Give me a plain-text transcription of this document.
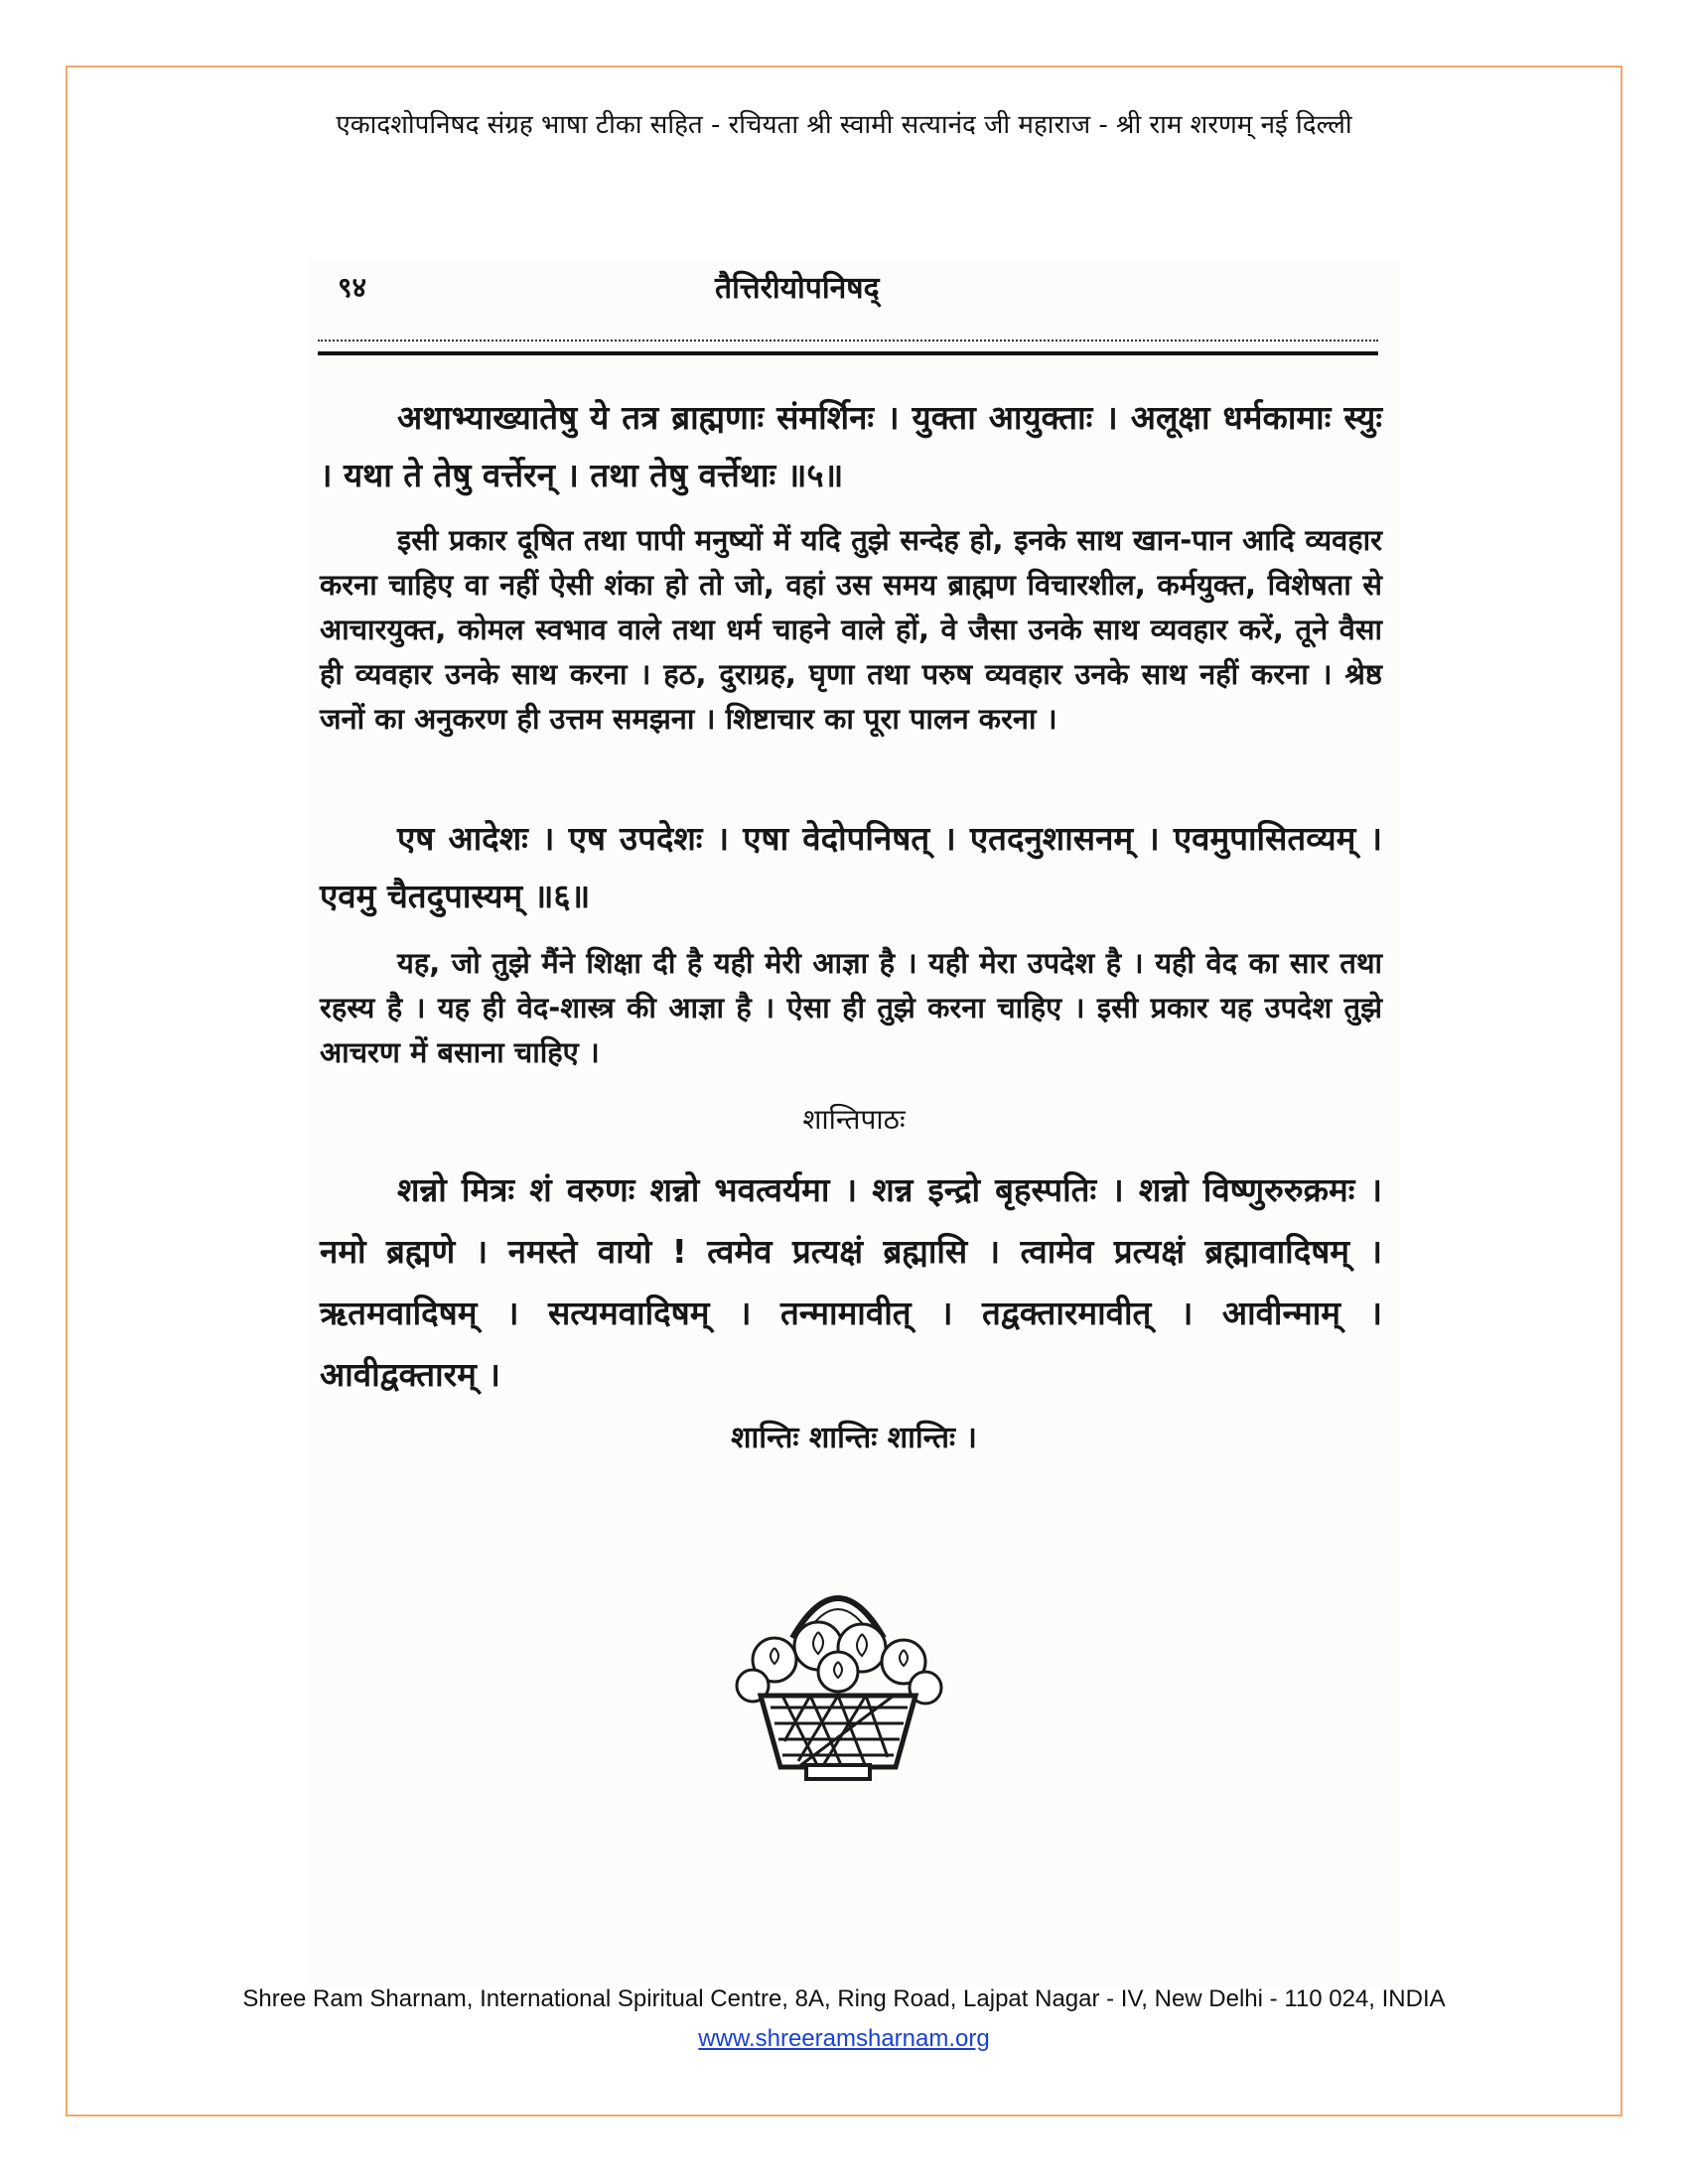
एकादशोपनिषद संग्रह भाषा टीका सहित - रचियता श्री स्वामी सत्यानंद जी महाराज - श्री राम शरणम् नई दिल्ली
९४	तैत्तिरीयोपनिषद्
अथाभ्याख्यातेषु ये तत्र ब्राह्मणाः संमर्शिनः । युक्ता आयुक्ताः । अलूक्षा धर्मकामाः स्युः । यथा ते तेषु वर्त्तेरन् । तथा तेषु वर्त्तेथाः ॥५॥
इसी प्रकार दूषित तथा पापी मनुष्यों में यदि तुझे सन्देह हो, इनके साथ खान-पान आदि व्यवहार करना चाहिए वा नहीं ऐसी शंका हो तो जो, वहां उस समय ब्राह्मण विचारशील, कर्मयुक्त, विशेषता से आचारयुक्त, कोमल स्वभाव वाले तथा धर्म चाहने वाले हों, वे जैसा उनके साथ व्यवहार करें, तूने वैसा ही व्यवहार उनके साथ करना । हठ, दुराग्रह, घृणा तथा परुष व्यवहार उनके साथ नहीं करना । श्रेष्ठ जनों का अनुकरण ही उत्तम समझना । शिष्टाचार का पूरा पालन करना ।
एष आदेशः । एष उपदेशः । एषा वेदोपनिषत् । एतदनुशासनम् । एवमुपासितव्यम् । एवमु चैतदुपास्यम् ॥६॥
यह, जो तुझे मैंने शिक्षा दी है यही मेरी आज्ञा है । यही मेरा उपदेश है । यही वेद का सार तथा रहस्य है । यह ही वेद-शास्त्र की आज्ञा है । ऐसा ही तुझे करना चाहिए । इसी प्रकार यह उपदेश तुझे आचरण में बसाना चाहिए ।
शान्तिपाठः
शन्नो मित्रः शं वरुणः शन्नो भवत्वर्यमा । शन्न इन्द्रो बृहस्पतिः । शन्नो विष्णुरुरुक्रमः । नमो ब्रह्मणे । नमस्ते वायो ! त्वमेव प्रत्यक्षं ब्रह्मासि । त्वामेव प्रत्यक्षं ब्रह्मावादिषम् । ऋतमवादिषम् । सत्यमवादिषम् । तन्मामावीत् । तद्वक्तारमावीत् । आवीन्माम् । आवीद्वक्तारम् ।
शान्तिः शान्तिः शान्तिः ।
Shree Ram Sharnam, International Spiritual Centre, 8A, Ring Road, Lajpat Nagar - IV, New Delhi - 110 024, INDIA
www.shreeramsharnam.org
